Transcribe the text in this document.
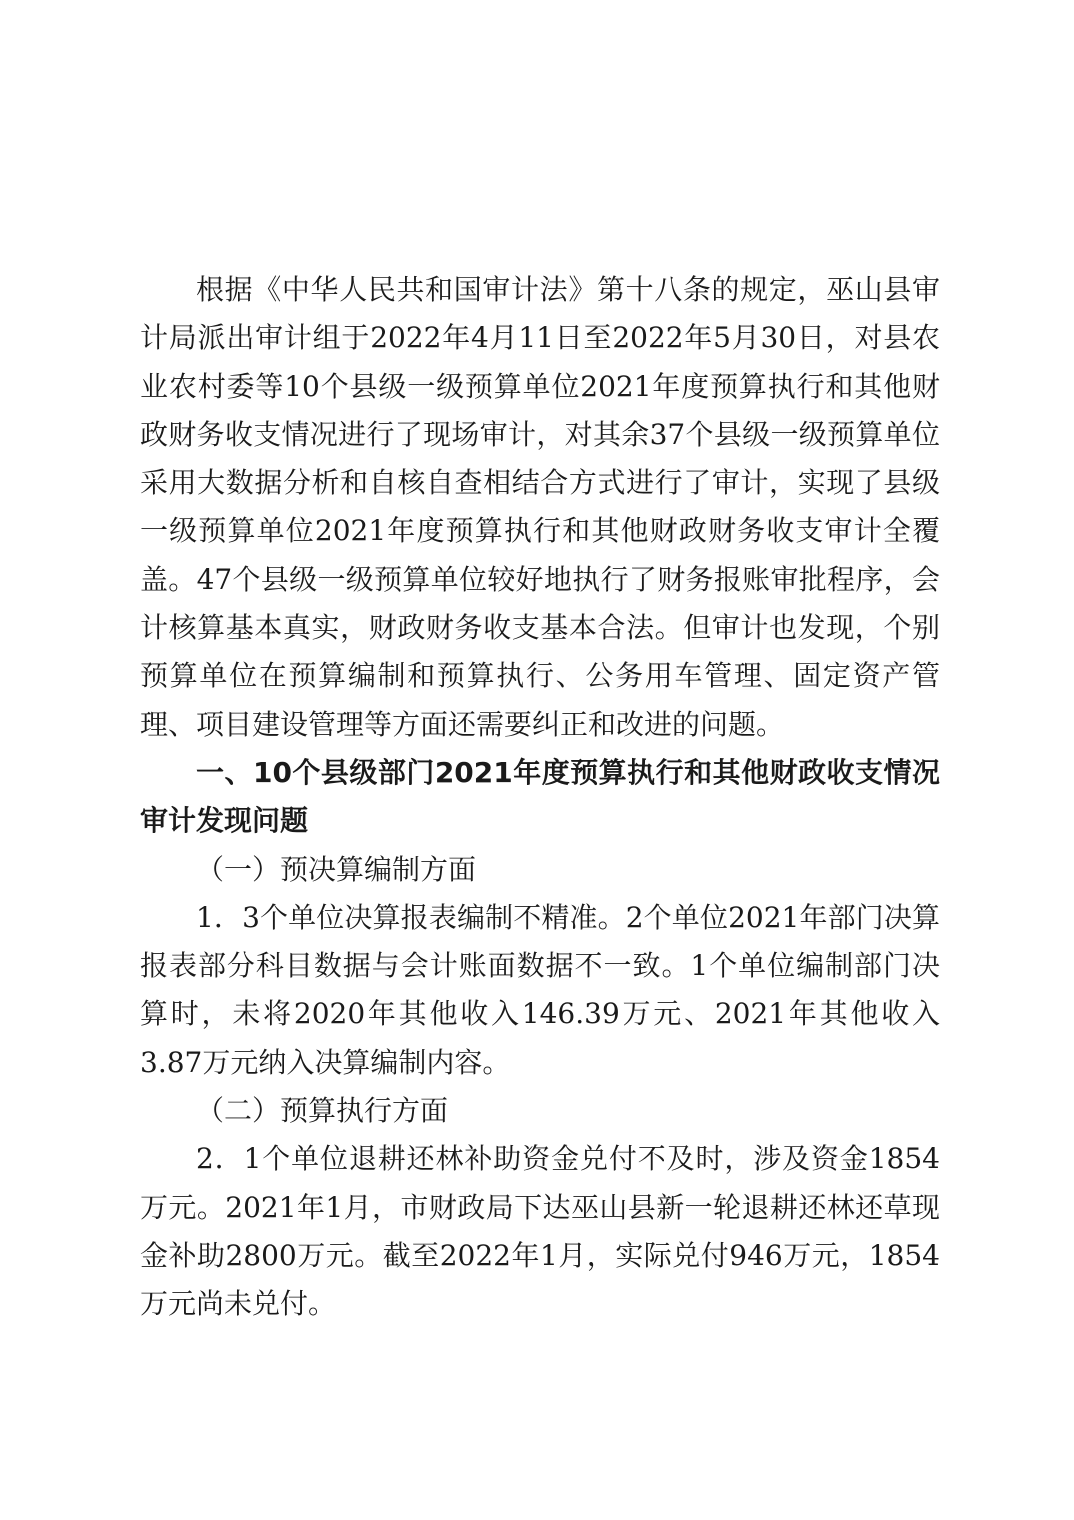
根据《中华人民共和国审计法》第十八条的规定，巫山县审计局派出审计组于2022年4月11日至2022年5月30日，对县农业农村委等10个县级一级预算单位2021年度预算执行和其他财政财务收支情况进行了现场审计，对其余37个县级一级预算单位采用大数据分析和自核自查相结合方式进行了审计，实现了县级一级预算单位2021年度预算执行和其他财政财务收支审计全覆盖。47个县级一级预算单位较好地执行了财务报账审批程序，会计核算基本真实，财政财务收支基本合法。但审计也发现，个别预算单位在预算编制和预算执行、公务用车管理、固定资产管理、项目建设管理等方面还需要纠正和改进的问题。

一、10个县级部门2021年度预算执行和其他财政收支情况审计发现问题

（一）预决算编制方面

1．3个单位决算报表编制不精准。2个单位2021年部门决算报表部分科目数据与会计账面数据不一致。1个单位编制部门决算时，未将2020年其他收入146.39万元、2021年其他收入3.87万元纳入决算编制内容。

（二）预算执行方面

2．1个单位退耕还林补助资金兑付不及时，涉及资金1854万元。2021年1月，市财政局下达巫山县新一轮退耕还林还草现金补助2800万元。截至2022年1月，实际兑付946万元，1854万元尚未兑付。
